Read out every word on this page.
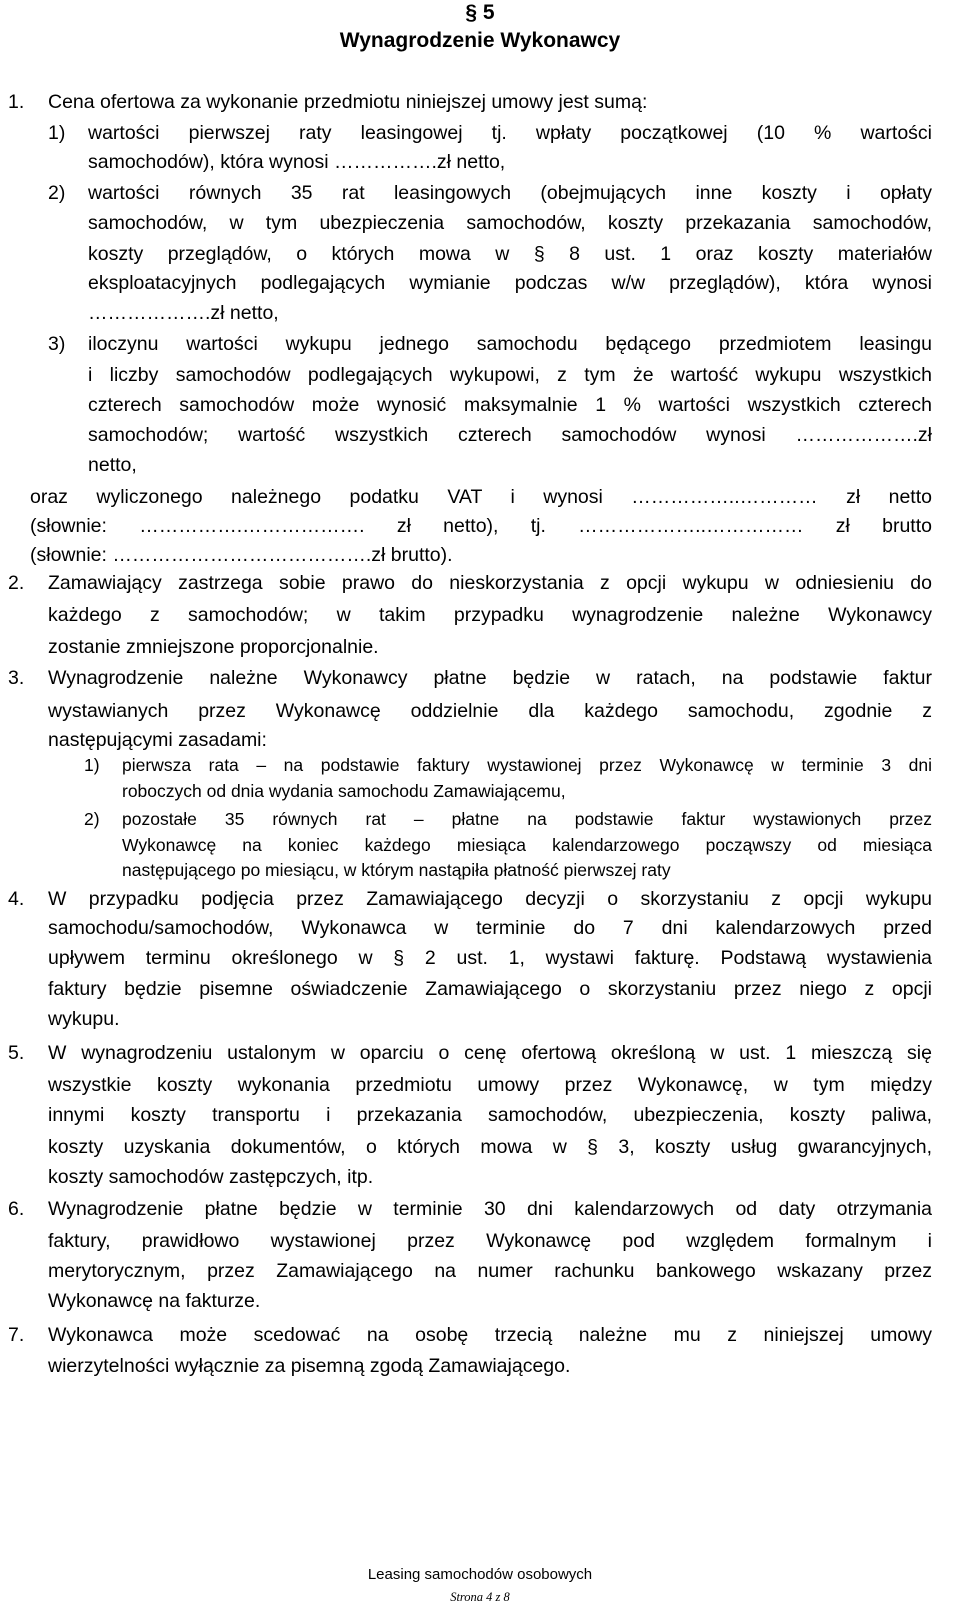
§ 5
Wynagrodzenie Wykonawcy
1. Cena ofertowa za wykonanie przedmiotu niniejszej umowy jest sumą:
1) wartości pierwszej raty leasingowej tj. wpłaty początkowej (10 % wartości
samochodów), która wynosi …………….zł netto,
2) wartości równych 35 rat leasingowych (obejmujących inne koszty i opłaty
samochodów, w tym ubezpieczenia samochodów, koszty przekazania samochodów,
koszty przeglądów, o których mowa w § 8 ust. 1 oraz koszty materiałów
eksploatacyjnych podlegających wymianie podczas w/w przeglądów), która wynosi
……………….zł netto,
3) iloczynu wartości wykupu jednego samochodu będącego przedmiotem leasingu
i liczby samochodów podlegających wykupowi, z tym że wartość wykupu wszystkich
czterech samochodów może wynosić maksymalnie 1 % wartości wszystkich czterech
samochodów; wartość wszystkich czterech samochodów wynosi ……………….zł
netto,
oraz wyliczonego należnego podatku VAT i wynosi ……………..………… zł netto
(słownie: …………….………………. zł netto), tj. ………………..…………… zł brutto
(słownie: ………………………………….zł brutto).
2. Zamawiający zastrzega sobie prawo do nieskorzystania z opcji wykupu w odniesieniu do
każdego z samochodów; w takim przypadku wynagrodzenie należne Wykonawcy
zostanie zmniejszone proporcjonalnie.
3. Wynagrodzenie należne Wykonawcy płatne będzie w ratach, na podstawie faktur
wystawianych przez Wykonawcę oddzielnie dla każdego samochodu, zgodnie z
następującymi zasadami:
1) pierwsza rata – na podstawie faktury wystawionej przez Wykonawcę w terminie 3 dni
roboczych od dnia wydania samochodu Zamawiającemu,
2) pozostałe 35 równych rat – płatne na podstawie faktur wystawionych przez
Wykonawcę na koniec każdego miesiąca kalendarzowego począwszy od miesiąca
następującego po miesiącu, w którym nastąpiła płatność pierwszej raty
4. W przypadku podjęcia przez Zamawiającego decyzji o skorzystaniu z opcji wykupu
samochodu/samochodów, Wykonawca w terminie do 7 dni kalendarzowych przed
upływem terminu określonego w § 2 ust. 1, wystawi fakturę. Podstawą wystawienia
faktury będzie pisemne oświadczenie Zamawiającego o skorzystaniu przez niego z opcji
wykupu.
5. W wynagrodzeniu ustalonym w oparciu o cenę ofertową określoną w ust. 1 mieszczą się
wszystkie koszty wykonania przedmiotu umowy przez Wykonawcę, w tym między
innymi koszty transportu i przekazania samochodów, ubezpieczenia, koszty paliwa,
koszty uzyskania dokumentów, o których mowa w § 3, koszty usług gwarancyjnych,
koszty samochodów zastępczych, itp.
6. Wynagrodzenie płatne będzie w terminie 30 dni kalendarzowych od daty otrzymania
faktury, prawidłowo wystawionej przez Wykonawcę pod względem formalnym i
merytorycznym, przez Zamawiającego na numer rachunku bankowego wskazany przez
Wykonawcę na fakturze.
7. Wykonawca może scedować na osobę trzecią należne mu z niniejszej umowy
wierzytelności wyłącznie za pisemną zgodą Zamawiającego.
Leasing samochodów osobowych
Strona 4 z 8
